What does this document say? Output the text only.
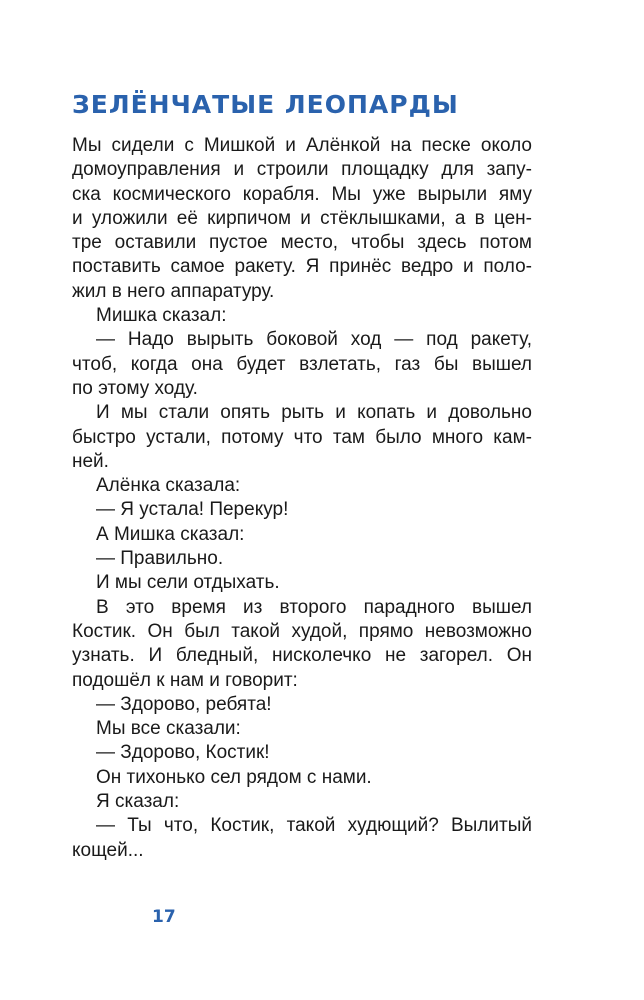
ЗЕЛЁНЧАТЫЕ ЛЕОПАРДЫ
Мы сидели с Мишкой и Алёнкой на песке около
домоуправления и строили площадку для запу-
ска космического корабля. Мы уже вырыли яму
и уложили её кирпичом и стёклышками, а в цен-
тре оставили пустое место, чтобы здесь потом
поставить самое ракету. Я принёс ведро и поло-
жил в него аппаратуру.
Мишка сказал:
— Надо вырыть боковой ход — под ракету,
чтоб, когда она будет взлетать, газ бы вышел
по этому ходу.
И мы стали опять рыть и копать и довольно
быстро устали, потому что там было много кам-
ней.
Алёнка сказала:
— Я устала! Перекур!
А Мишка сказал:
— Правильно.
И мы сели отдыхать.
В это время из второго парадного вышел
Костик. Он был такой худой, прямо невозможно
узнать. И бледный, нисколечко не загорел. Он
подошёл к нам и говорит:
— Здорово, ребята!
Мы все сказали:
— Здорово, Костик!
Он тихонько сел рядом с нами.
Я сказал:
— Ты что, Костик, такой худющий? Вылитый
кощей...
17
